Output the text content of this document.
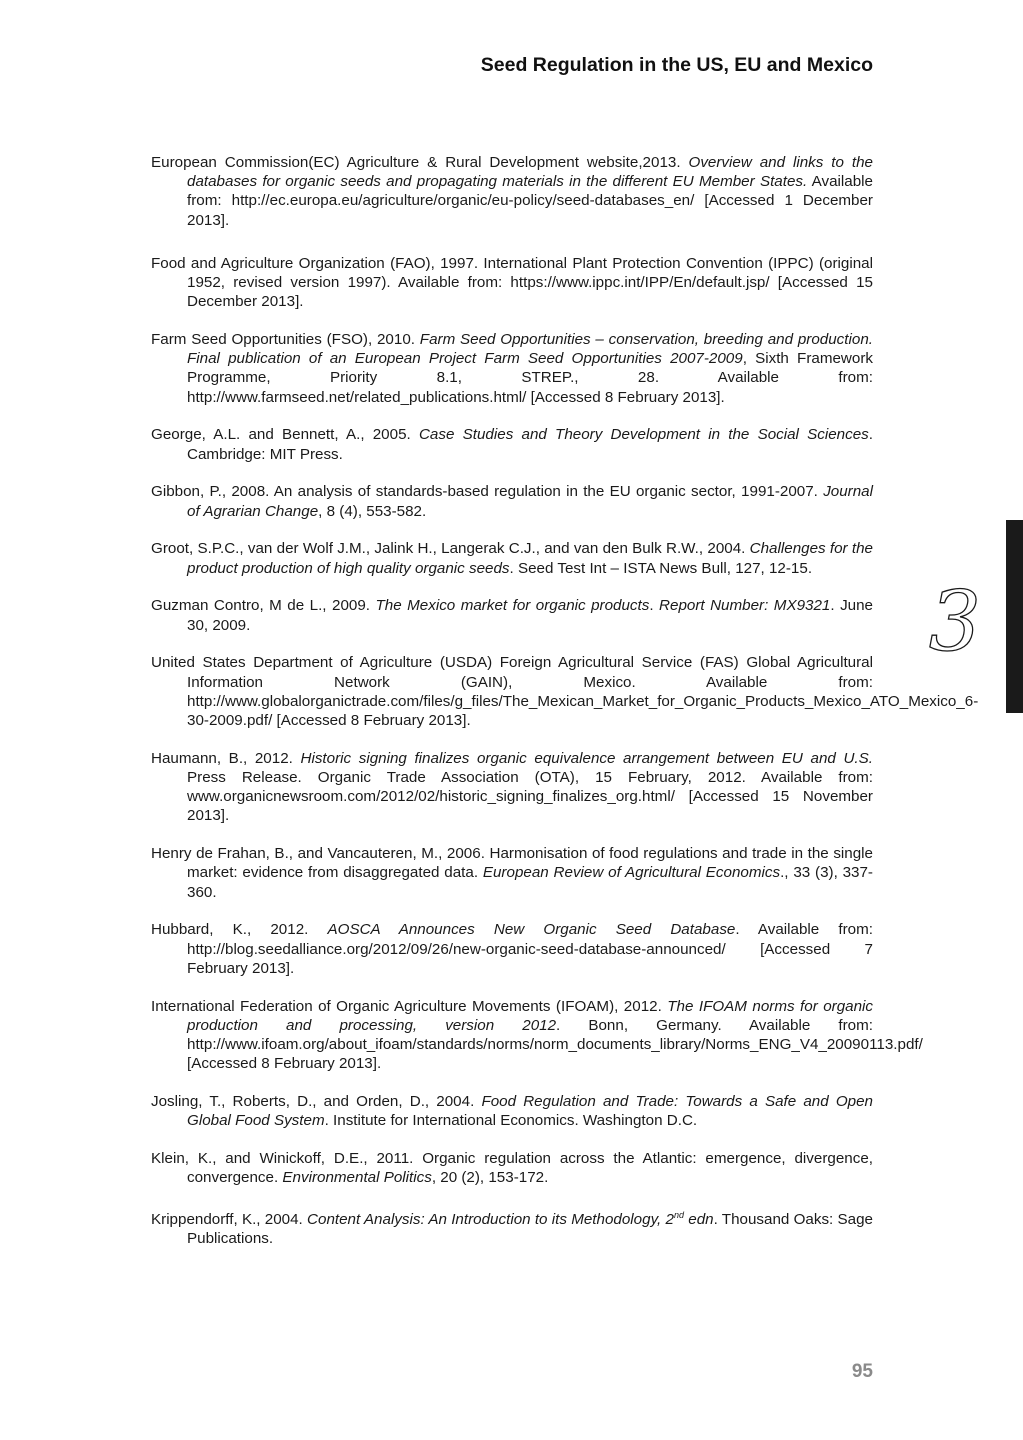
Seed Regulation in the US, EU and Mexico

European Commission(EC) Agriculture & Rural Development website,2013. Overview and links to the databases for organic seeds and propagating materials in the different EU Member States. Available from: http://ec.europa.eu/agriculture/organic/eu-policy/seed-databases_en/ [Accessed 1 December 2013].

Food and Agriculture Organization (FAO), 1997. International Plant Protection Convention (IPPC) (original 1952, revised version 1997). Available from: https://www.ippc.int/IPP/En/default.jsp/ [Accessed 15 December 2013].

Farm Seed Opportunities (FSO), 2010. Farm Seed Opportunities – conservation, breeding and production. Final publication of an European Project Farm Seed Opportunities 2007-2009, Sixth Framework Programme, Priority 8.1, STREP., 28. Available from: http://www.farmseed.net/related_publications.html/ [Accessed 8 February 2013].

George, A.L. and Bennett, A., 2005. Case Studies and Theory Development in the Social Sciences. Cambridge: MIT Press.

Gibbon, P., 2008. An analysis of standards-based regulation in the EU organic sector, 1991-2007. Journal of Agrarian Change, 8 (4), 553-582.

Groot, S.P.C., van der Wolf J.M., Jalink H., Langerak C.J., and van den Bulk R.W., 2004. Challenges for the product production of high quality organic seeds. Seed Test Int – ISTA News Bull, 127, 12-15.

Guzman Contro, M de L., 2009. The Mexico market for organic products. Report Number: MX9321. June 30, 2009.

United States Department of Agriculture (USDA) Foreign Agricultural Service (FAS) Global Agricultural Information Network (GAIN), Mexico. Available from: http://www.globalorganictrade.com/files/g_files/The_Mexican_Market_for_Organic_Products_Mexico_ATO_Mexico_6-30-2009.pdf/ [Accessed 8 February 2013].

Haumann, B., 2012. Historic signing finalizes organic equivalence arrangement between EU and U.S. Press Release. Organic Trade Association (OTA), 15 February, 2012. Available from: www.organicnewsroom.com/2012/02/historic_signing_finalizes_org.html/ [Accessed 15 November 2013].

Henry de Frahan, B., and Vancauteren, M., 2006. Harmonisation of food regulations and trade in the single market: evidence from disaggregated data. European Review of Agricultural Economics., 33 (3), 337-360.

Hubbard, K., 2012. AOSCA Announces New Organic Seed Database. Available from: http://blog.seedalliance.org/2012/09/26/new-organic-seed-database-announced/ [Accessed 7 February 2013].

International Federation of Organic Agriculture Movements (IFOAM), 2012. The IFOAM norms for organic production and processing, version 2012. Bonn, Germany. Available from: http://www.ifoam.org/about_ifoam/standards/norms/norm_documents_library/Norms_ENG_V4_20090113.pdf/ [Accessed 8 February 2013].

Josling, T., Roberts, D., and Orden, D., 2004. Food Regulation and Trade: Towards a Safe and Open Global Food System. Institute for International Economics. Washington D.C.

Klein, K., and Winickoff, D.E., 2011. Organic regulation across the Atlantic: emergence, divergence, convergence. Environmental Politics, 20 (2), 153-172.

Krippendorff, K., 2004. Content Analysis: An Introduction to its Methodology, 2nd edn. Thousand Oaks: Sage Publications.

3
95
